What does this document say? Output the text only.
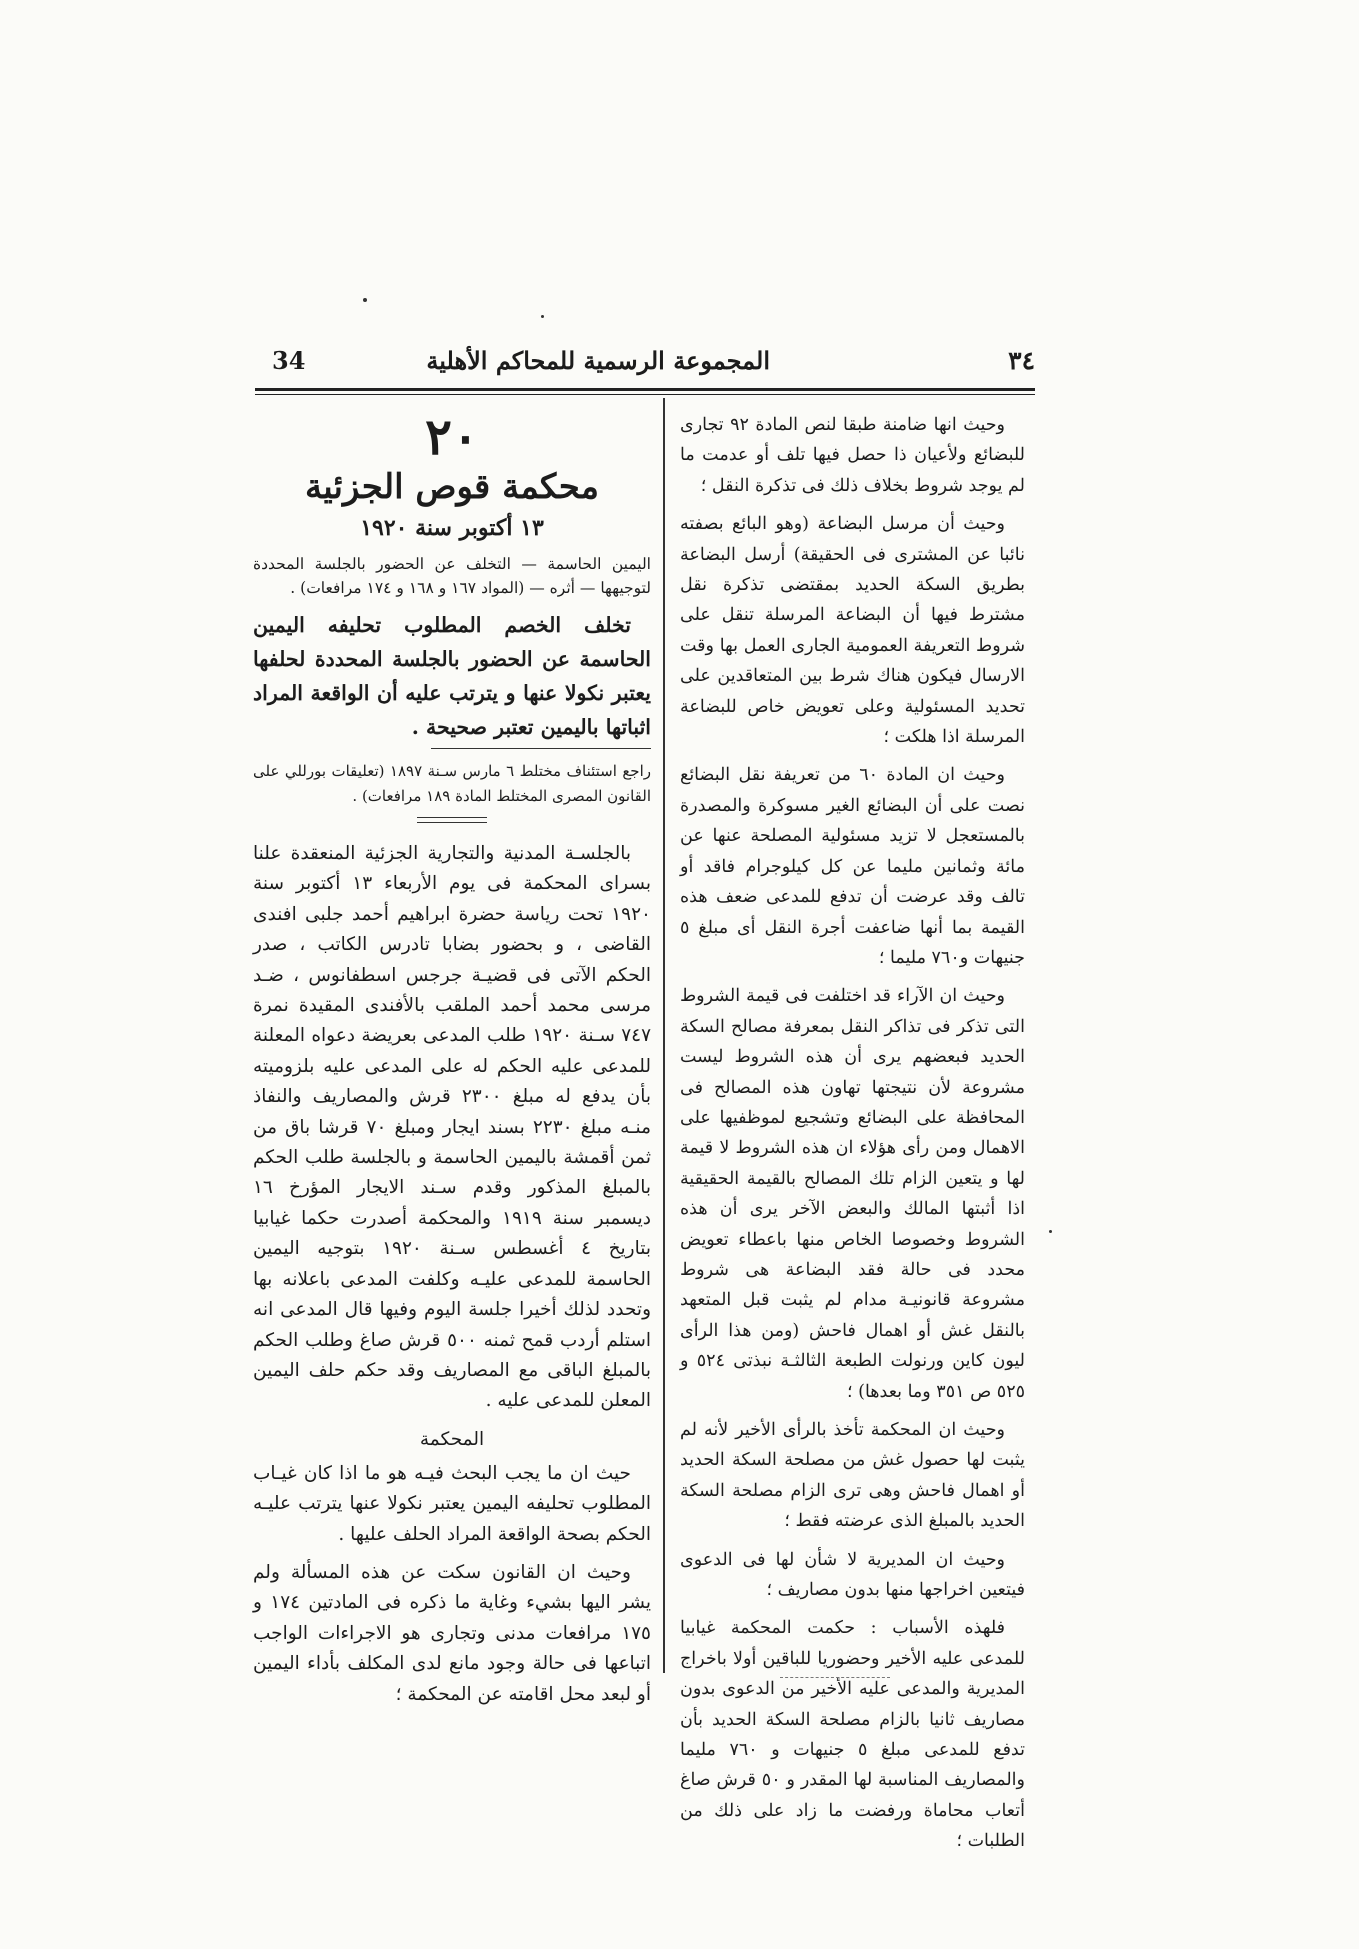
٣٤
المجموعة الرسمية للمحاكم الأهلية
34

وحيث انها ضامنة طبقا لنص المادة ٩٢ تجارى للبضائع ولأعيان ذا حصل فيها تلف أو عدمت ما لم يوجد شروط بخلاف ذلك فى تذكرة النقل ؛

وحيث أن مرسل البضاعة (وهو البائع بصفته نائبا عن المشترى فى الحقيقة) أرسل البضاعة بطريق السكة الحديد بمقتضى تذكرة نقل مشترط فيها أن البضاعة المرسلة تنقل على شروط التعريفة العمومية الجارى العمل بها وقت الارسال فيكون هناك شرط بين المتعاقدين على تحديد المسئولية وعلى تعويض خاص للبضاعة المرسلة اذا هلكت ؛

وحيث ان المادة ٦٠ من تعريفة نقل البضائع نصت على أن البضائع الغير مسوكرة والمصدرة بالمستعجل لا تزيد مسئولية المصلحة عنها عن مائة وثمانين مليما عن كل كيلوجرام فاقد أو تالف وقد عرضت أن تدفع للمدعى ضعف هذه القيمة بما أنها ضاعفت أجرة النقل أى مبلغ ٥ جنيهات و٧٦٠ مليما ؛

وحيث ان الآراء قد اختلفت فى قيمة الشروط التى تذكر فى تذاكر النقل بمعرفة مصالح السكة الحديد فبعضهم يرى أن هذه الشروط ليست مشروعة لأن نتيجتها تهاون هذه المصالح فى المحافظة على البضائع وتشجيع لموظفيها على الاهمال ومن رأى هؤلاء ان هذه الشروط لا قيمة لها و يتعين الزام تلك المصالح بالقيمة الحقيقية اذا أثبتها المالك والبعض الآخر يرى أن هذه الشروط وخصوصا الخاص منها باعطاء تعويض محدد فى حالة فقد البضاعة هى شروط مشروعة قانونيـة مدام لم يثبت قبل المتعهد بالنقل غش أو اهمال فاحش (ومن هذا الرأى ليون كاين ورنولت الطبعة الثالثـة نبذتى ٥٢٤ و ٥٢٥ ص ٣٥١ وما بعدها) ؛

وحيث ان المحكمة تأخذ بالرأى الأخير لأنه لم يثبت لها حصول غش من مصلحة السكة الحديد أو اهمال فاحش وهى ترى الزام مصلحة السكة الحديد بالمبلغ الذى عرضته فقط ؛

وحيث ان المديرية لا شأن لها فى الدعوى فيتعين اخراجها منها بدون مصاريف ؛

فلهذه الأسباب : حكمت المحكمة غيابيا للمدعى عليه الأخير وحضوريا للباقين أولا باخراج المديرية والمدعى عليه الأخير من الدعوى بدون مصاريف ثانيا بالزام مصلحة السكة الحديد بأن تدفع للمدعى مبلغ ٥ جنيهات و ٧٦٠ مليما والمصاريف المناسبة لها المقدر و ٥٠ قرش صاغ أتعاب محاماة ورفضت ما زاد على ذلك من الطلبات ؛

٢٠
محكمة قوص الجزئية
١٣ أكتوبر سنة ١٩٢٠

اليمين الحاسمة — التخلف عن الحضور بالجلسة المحددة لتوجيهها — أثره — (المواد ١٦٧ و ١٦٨ و ١٧٤ مرافعات) .

تخلف الخصم المطلوب تحليفه اليمين الحاسمة عن الحضور بالجلسة المحددة لحلفها يعتبر نكولا عنها و يترتب عليه أن الواقعة المراد اثباتها باليمين تعتبر صحيحة .

راجع استئناف مختلط ٦ مارس سـنة ١٨٩٧ (تعليقات بورللي على القانون المصرى المختلط المادة ١٨٩ مرافعات) .

بالجلسـة المدنية والتجارية الجزئية المنعقدة علنا بسراى المحكمة فى يوم الأربعاء ١٣ أكتوبر سنة ١٩٢٠ تحت رياسة حضرة ابراهيم أحمد جلبى افندى القاضى ، و بحضور بضابا تادرس الكاتب ، صدر الحكم الآتى فى قضيـة جرجس اسطفانوس ، ضـد مرسى محمد أحمد الملقب بالأفندى المقيدة نمرة ٧٤٧ سـنة ١٩٢٠ طلب المدعى بعريضة دعواه المعلنة للمدعى عليه الحكم له على المدعى عليه بلزوميته بأن يدفع له مبلغ ٢٣٠٠ قرش والمصاريف والنفاذ منـه مبلغ ٢٢٣٠ بسند ايجار ومبلغ ٧٠ قرشا باق من ثمن أقمشة باليمين الحاسمة و بالجلسة طلب الحكم بالمبلغ المذكور وقدم سـند الايجار المؤرخ ١٦ ديسمبر سنة ١٩١٩ والمحكمة أصدرت حكما غيابيا بتاريخ ٤ أغسطس سـنة ١٩٢٠ بتوجيه اليمين الحاسمة للمدعى عليـه وكلفت المدعى باعلانه بها وتحدد لذلك أخيرا جلسة اليوم وفيها قال المدعى انه استلم أردب قمح ثمنه ٥٠٠ قرش صاغ وطلب الحكم بالمبلغ الباقى مع المصاريف وقد حكم حلف اليمين المعلن للمدعى عليه .

المحكمة

حيث ان ما يجب البحث فيـه هو ما اذا كان غيـاب المطلوب تحليفه اليمين يعتبر نكولا عنها يترتب عليـه الحكم بصحة الواقعة المراد الحلف عليها .

وحيث ان القانون سكت عن هذه المسألة ولم يشر اليها بشيء وغاية ما ذكره فى المادتين ١٧٤ و ١٧٥ مرافعات مدنى وتجارى هو الاجراءات الواجب اتباعها فى حالة وجود مانع لدى المكلف بأداء اليمين أو لبعد محل اقامته عن المحكمة ؛
